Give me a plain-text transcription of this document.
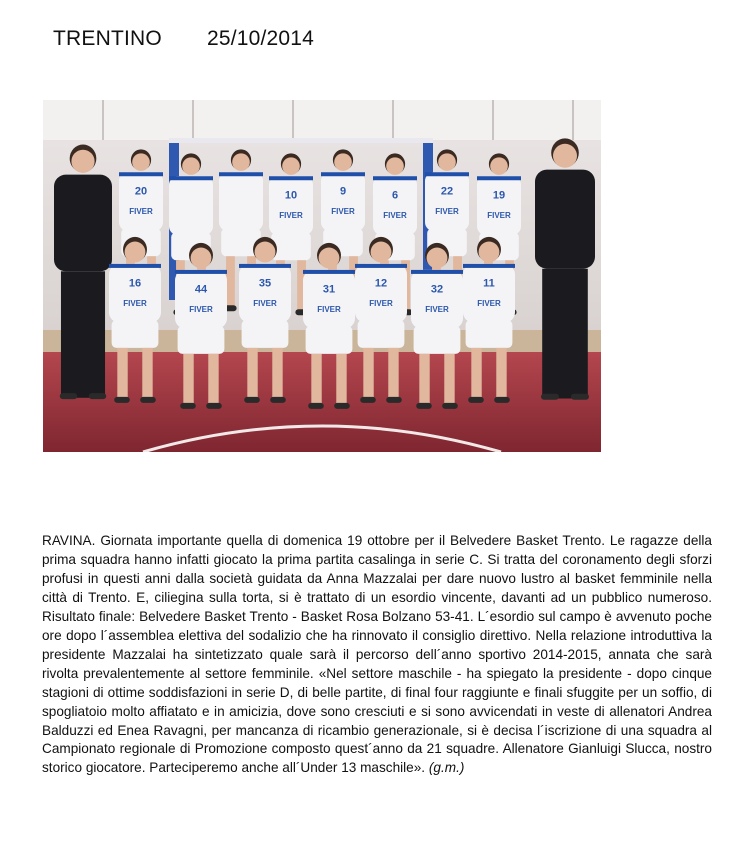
TRENTINO 25/10/2014
20
FIVER
10
FIVER
9
FIVER
6
FIVER
22
FIVER
19
FIVER
16
FIVER
44
FIVER
35
FIVER
31
FIVER
12
FIVER
32
FIVER
11
FIVER
RAVINA. Giornata importante quella di domenica 19 ottobre per il Belvedere Basket Trento. Le ragazze della prima squadra hanno infatti giocato la prima partita casalinga in serie C. Si tratta del coronamento degli sforzi profusi in questi anni dalla società guidata da Anna Mazzalai per dare nuovo lustro al basket femminile nella città di Trento. E, ciliegina sulla torta, si è trattato di un esordio vincente, davanti ad un pubblico numeroso. Risultato finale: Belvedere Basket Trento - Basket Rosa Bolzano 53-41. L´esordio sul campo è avvenuto poche ore dopo l´assemblea elettiva del sodalizio che ha rinnovato il consiglio direttivo. Nella relazione introduttiva la presidente Mazzalai ha sintetizzato quale sarà il percorso dell´anno sportivo 2014-2015, annata che sarà rivolta prevalentemente al settore femminile. «Nel settore maschile - ha spiegato la presidente - dopo cinque stagioni di ottime soddisfazioni in serie D, di belle partite, di final four raggiunte e finali sfuggite per un soffio, di spogliatoio molto affiatato e in amicizia, dove sono cresciuti e si sono avvicendati in veste di allenatori Andrea Balduzzi ed Enea Ravagni, per mancanza di ricambio generazionale, si è decisa l´iscrizione di una squadra al Campionato regionale di Promozione composto quest´anno da 21 squadre. Allenatore Gianluigi Slucca, nostro storico giocatore. Parteciperemo anche all´Under 13 maschile». (g.m.)
